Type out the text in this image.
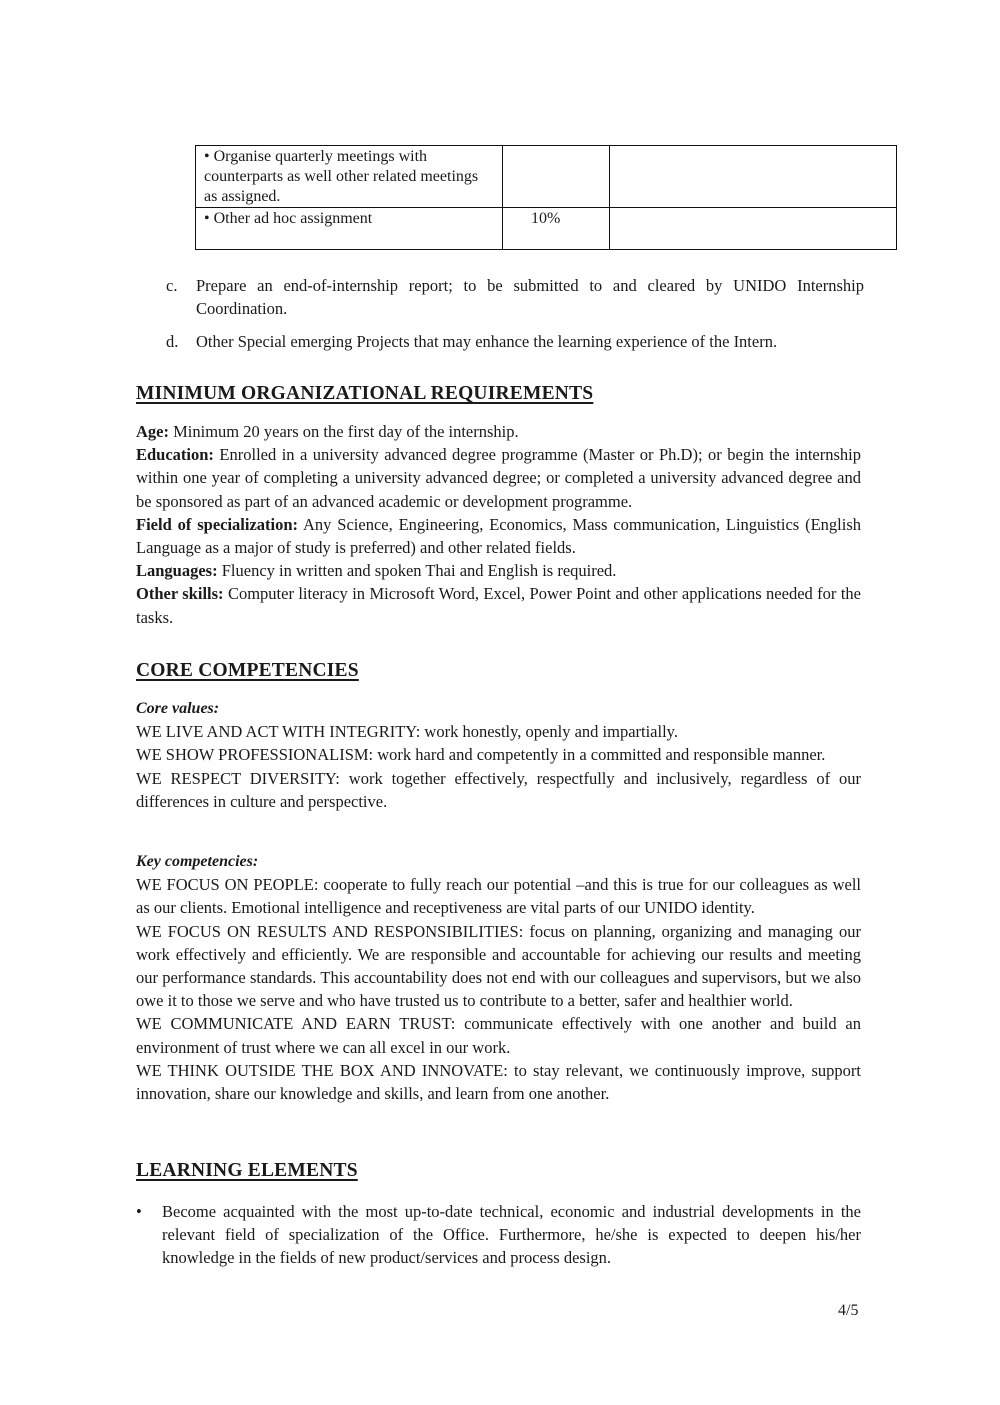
• Organise quarterly meetings with counterparts as well other related meetings as assigned.		
• Other ad hoc assignment	10%	
c. Prepare an end-of-internship report; to be submitted to and cleared by UNIDO Internship Coordination.
d. Other Special emerging Projects that may enhance the learning experience of the Intern.
MINIMUM ORGANIZATIONAL REQUIREMENTS

Age: Minimum 20 years on the first day of the internship.

Education: Enrolled in a university advanced degree programme (Master or Ph.D); or begin the internship within one year of completing a university advanced degree; or completed a university advanced degree and be sponsored as part of an advanced academic or development programme.

Field of specialization: Any Science, Engineering, Economics, Mass communication, Linguistics (English Language as a major of study is preferred) and other related fields.

Languages: Fluency in written and spoken Thai and English is required.

Other skills: Computer literacy in Microsoft Word, Excel, Power Point and other applications needed for the tasks.

CORE COMPETENCIES

Core values:

WE LIVE AND ACT WITH INTEGRITY: work honestly, openly and impartially.

WE SHOW PROFESSIONALISM: work hard and competently in a committed and responsible manner.

WE RESPECT DIVERSITY: work together effectively, respectfully and inclusively, regardless of our differences in culture and perspective.

Key competencies:

WE FOCUS ON PEOPLE: cooperate to fully reach our potential –and this is true for our colleagues as well as our clients. Emotional intelligence and receptiveness are vital parts of our UNIDO identity.

WE FOCUS ON RESULTS AND RESPONSIBILITIES: focus on planning, organizing and managing our work effectively and efficiently. We are responsible and accountable for achieving our results and meeting our performance standards. This accountability does not end with our colleagues and supervisors, but we also owe it to those we serve and who have trusted us to contribute to a better, safer and healthier world.

WE COMMUNICATE AND EARN TRUST: communicate effectively with one another and build an environment of trust where we can all excel in our work.

WE THINK OUTSIDE THE BOX AND INNOVATE: to stay relevant, we continuously improve, support innovation, share our knowledge and skills, and learn from one another.

LEARNING ELEMENTS
• Become acquainted with the most up-to-date technical, economic and industrial developments in the relevant field of specialization of the Office. Furthermore, he/she is expected to deepen his/her knowledge in the fields of new product/services and process design.
4/5
